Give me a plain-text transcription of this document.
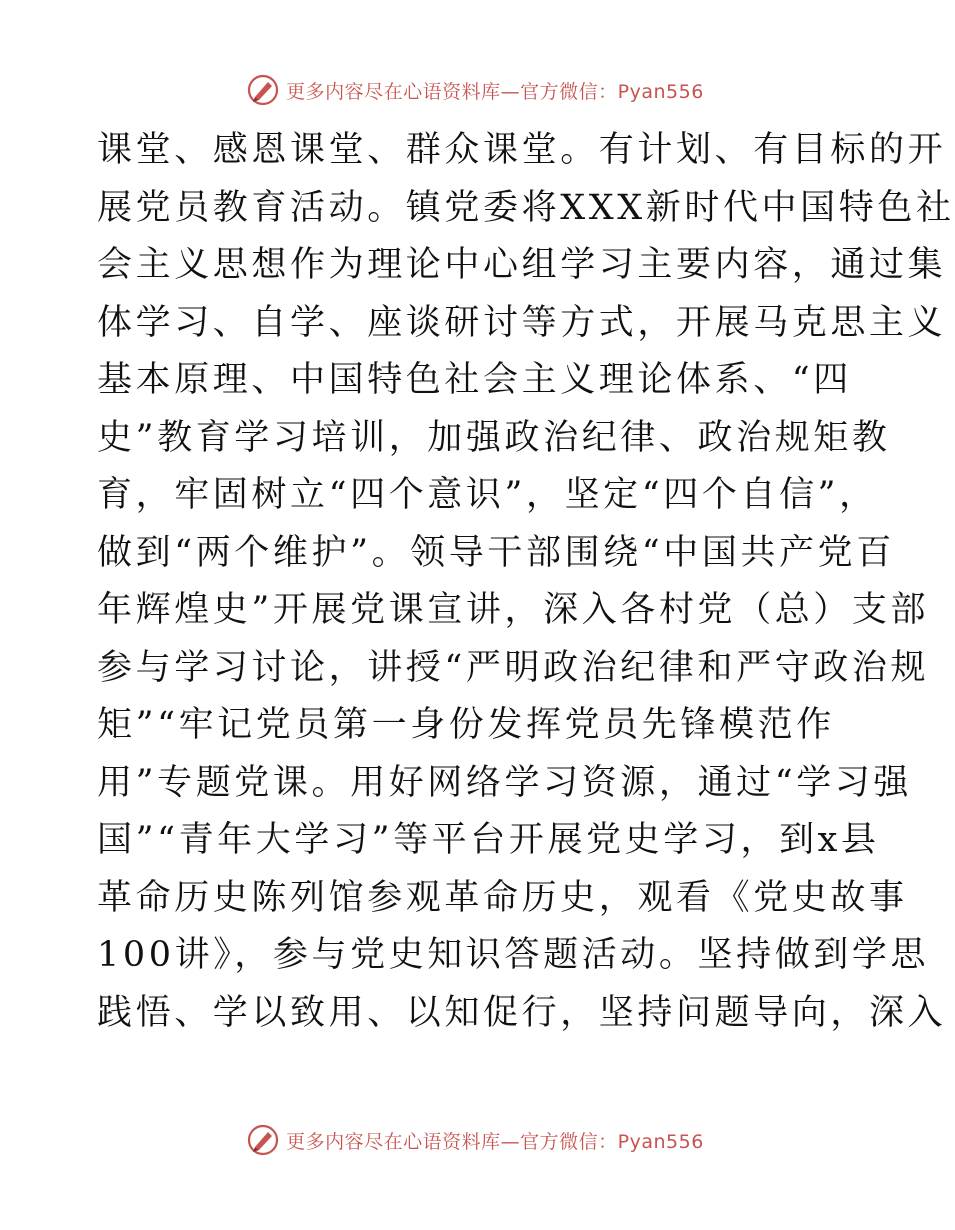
更多内容尽在心语资料库—官方微信：Pyan556
课堂、感恩课堂、群众课堂。有计划、有目标的开
展党员教育活动。镇党委将XXX新时代中国特色社
会主义思想作为理论中心组学习主要内容，通过集
体学习、自学、座谈研讨等方式，开展马克思主义
基本原理、中国特色社会主义理论体系、“四
史”教育学习培训，加强政治纪律、政治规矩教
育，牢固树立“四个意识”，坚定“四个自信”，
做到“两个维护”。领导干部围绕“中国共产党百
年辉煌史”开展党课宣讲，深入各村党（总）支部
参与学习讨论，讲授“严明政治纪律和严守政治规
矩”“牢记党员第一身份发挥党员先锋模范作
用”专题党课。用好网络学习资源，通过“学习强
国”“青年大学习”等平台开展党史学习，到x县
革命历史陈列馆参观革命历史，观看《党史故事
100讲》，参与党史知识答题活动。坚持做到学思
践悟、学以致用、以知促行，坚持问题导向，深入
更多内容尽在心语资料库—官方微信：Pyan556
